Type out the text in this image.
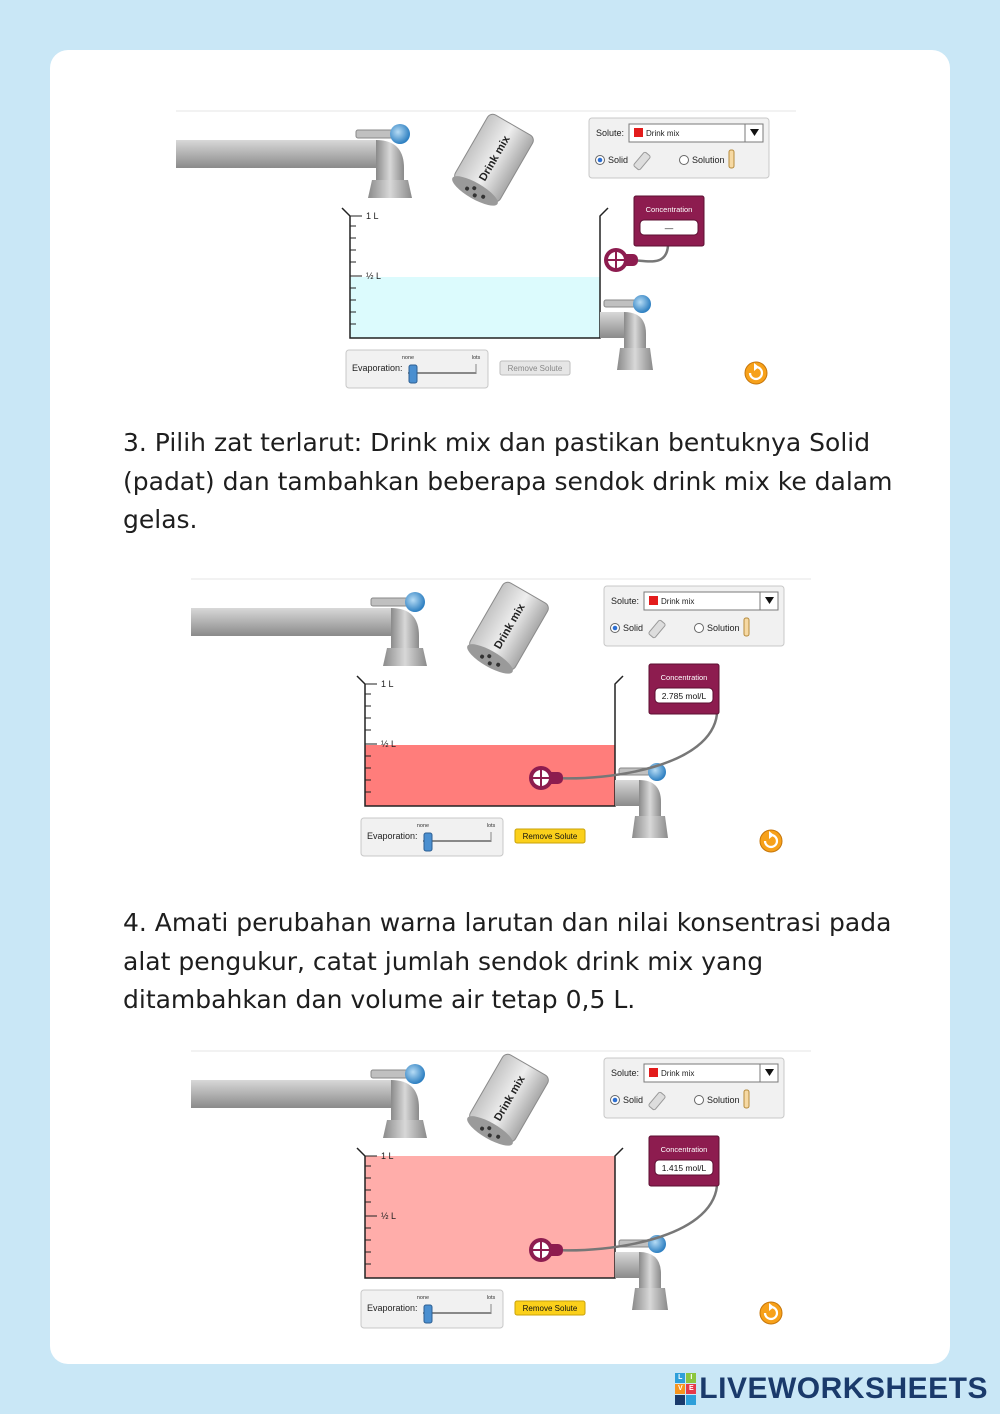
Drink mix
Solute:	Drink mix
Solid	Solution
1 L
½ L
Concentration
—
Evaporation:
none	lots
Remove Solute

3. Pilih zat terlarut: Drink mix dan pastikan bentuknya Solid (padat) dan tambahkan beberapa sendok drink mix ke dalam gelas.

Drink mix
Solute:	Drink mix
Solid	Solution
1 L
½ L
Concentration
2.785 mol/L
Evaporation:
none	lots
Remove Solute

4. Amati perubahan warna larutan dan nilai konsentrasi pada alat pengukur, catat jumlah sendok drink mix yang ditambahkan dan volume air tetap 0,5 L.

Drink mix
Solute:	Drink mix
Solid	Solution
1 L
½ L
Concentration
1.415 mol/L
Evaporation:
none	lots
Remove Solute
L	I
V E LIVEWORKSHEETS
